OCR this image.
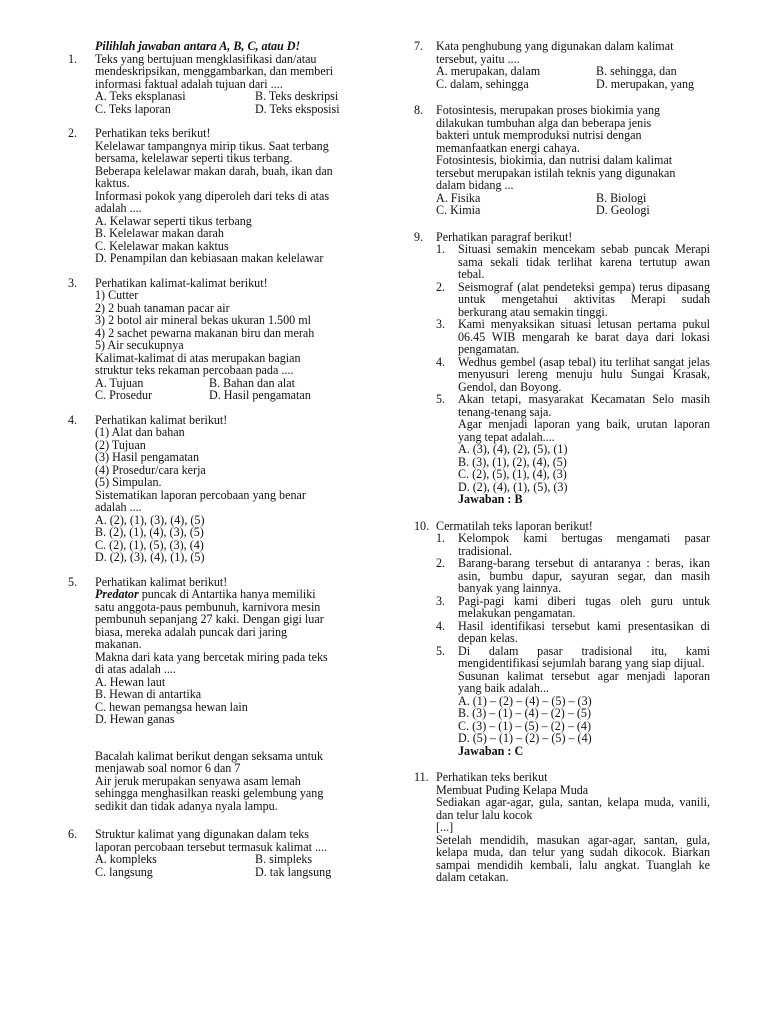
Pilihlah jawaban antara A, B, C, atau D!
1. Teks yang bertujuan mengklasifikasi dan/atau
mendeskripsikan, menggambarkan, dan memberi
informasi faktual adalah tujuan dari ....
A. Teks eksplanasi	B. Teks deskripsi
C. Teks laporan	D. Teks eksposisi
2. Perhatikan teks berikut!
Kelelawar tampangnya mirip tikus. Saat terbang
bersama, kelelawar seperti tikus terbang.
Beberapa kelelawar makan darah, buah, ikan dan
kaktus.
Informasi pokok yang diperoleh dari teks di atas
adalah ....
A. Kelawar seperti tikus terbang
B. Kelelawar makan darah
C. Kelelawar makan kaktus
D. Penampilan dan kebiasaan makan kelelawar
3. Perhatikan kalimat-kalimat berikut!
1) Cutter
2) 2 buah tanaman pacar air
3) 2 botol air mineral bekas ukuran 1.500 ml
4) 2 sachet pewarna makanan biru dan merah
5) Air secukupnya
Kalimat-kalimat di atas merupakan bagian
struktur teks rekaman percobaan pada ....
A. Tujuan	B. Bahan dan alat
C. Prosedur	D. Hasil pengamatan
4. Perhatikan kalimat berikut!
(1) Alat dan bahan
(2) Tujuan
(3) Hasil pengamatan
(4) Prosedur/cara kerja
(5) Simpulan.
Sistematikan laporan percobaan yang benar
adalah ....
A. (2), (1), (3), (4), (5)
B. (2), (1), (4), (3), (5)
C. (2), (1), (5), (3), (4)
D. (2), (3), (4), (1), (5)
5. Perhatikan kalimat berikut!
Predator puncak di Antartika hanya memiliki
satu anggota-paus pembunuh, karnivora mesin
pembunuh sepanjang 27 kaki. Dengan gigi luar
biasa, mereka adalah puncak dari jaring
makanan.
Makna dari kata yang bercetak miring pada teks
di atas adalah ....
A. Hewan laut
B. Hewan di antartika
C. hewan pemangsa hewan lain
D. Hewan ganas
Bacalah kalimat berikut dengan seksama untuk
menjawab soal nomor 6 dan 7
Air jeruk merupakan senyawa asam lemah
sehingga menghasilkan reaski gelembung yang
sedikit dan tidak adanya nyala lampu.
6. Struktur kalimat yang digunakan dalam teks
laporan percobaan tersebut termasuk kalimat ....
A. kompleks	B. simpleks
C. langsung	D. tak langsung
7. Kata penghubung yang digunakan dalam kalimat
tersebut, yaitu ....
A. merupakan, dalam	B. sehingga, dan
C. dalam, sehingga	D. merupakan, yang
8. Fotosintesis, merupakan proses biokimia yang
dilakukan tumbuhan alga dan beberapa jenis
bakteri untuk memproduksi nutrisi dengan
memanfaatkan energi cahaya.
Fotosintesis, biokimia, dan nutrisi dalam kalimat
tersebut merupakan istilah teknis yang digunakan
dalam bidang ...
A. Fisika	B. Biologi
C. Kimia	D. Geologi
9. Perhatikan paragraf berikut!
1. Situasi semakin mencekam sebab puncak Merapi sama sekali tidak terlihat karena tertutup awan tebal.
2. Seismograf (alat pendeteksi gempa) terus dipasang untuk mengetahui aktivitas Merapi sudah berkurang atau semakin tinggi.
3. Kami menyaksikan situasi letusan pertama pukul 06.45 WIB mengarah ke barat daya dari lokasi pengamatan.
4. Wedhus gembel (asap tebal) itu terlihat sangat jelas menyusuri lereng menuju hulu Sungai Krasak, Gendol, dan Boyong.
5. Akan tetapi, masyarakat Kecamatan Selo masih tenang-tenang saja.
Agar menjadi laporan yang baik, urutan laporan yang tepat adalah....
A. (3), (4), (2), (5), (1)
B. (3), (1), (2), (4), (5)
C. (2), (5), (1), (4), (3)
D. (2), (4), (1), (5), (3)
Jawaban : B
10. Cermatilah teks laporan berikut!
1. Kelompok kami bertugas mengamati pasar tradisional.
2. Barang-barang tersebut di antaranya : beras, ikan asin, bumbu dapur, sayuran segar, dan masih banyak yang lainnya.
3. Pagi-pagi kami diberi tugas oleh guru untuk melakukan pengamatan.
4. Hasil identifikasi tersebut kami presentasikan di depan kelas.
5. Di dalam pasar tradisional itu, kami mengidentifikasi sejumlah barang yang siap dijual.
Susunan kalimat tersebut agar menjadi laporan yang baik adalah...
A. (1) – (2) – (4) – (5) – (3)
B. (3) – (1) – (4) – (2) – (5)
C. (3) – (1) – (5) – (2) – (4)
D. (5) – (1) – (2) – (5) – (4)
Jawaban : C
11. Perhatikan teks berikut
Membuat Puding Kelapa Muda
Sediakan agar-agar, gula, santan, kelapa muda, vanili, dan telur lalu kocok
[...]
Setelah mendidih, masukan agar-agar, santan, gula, kelapa muda, dan telur yang sudah dikocok. Biarkan sampai mendidih kembali, lalu angkat. Tuanglah ke dalam cetakan.
